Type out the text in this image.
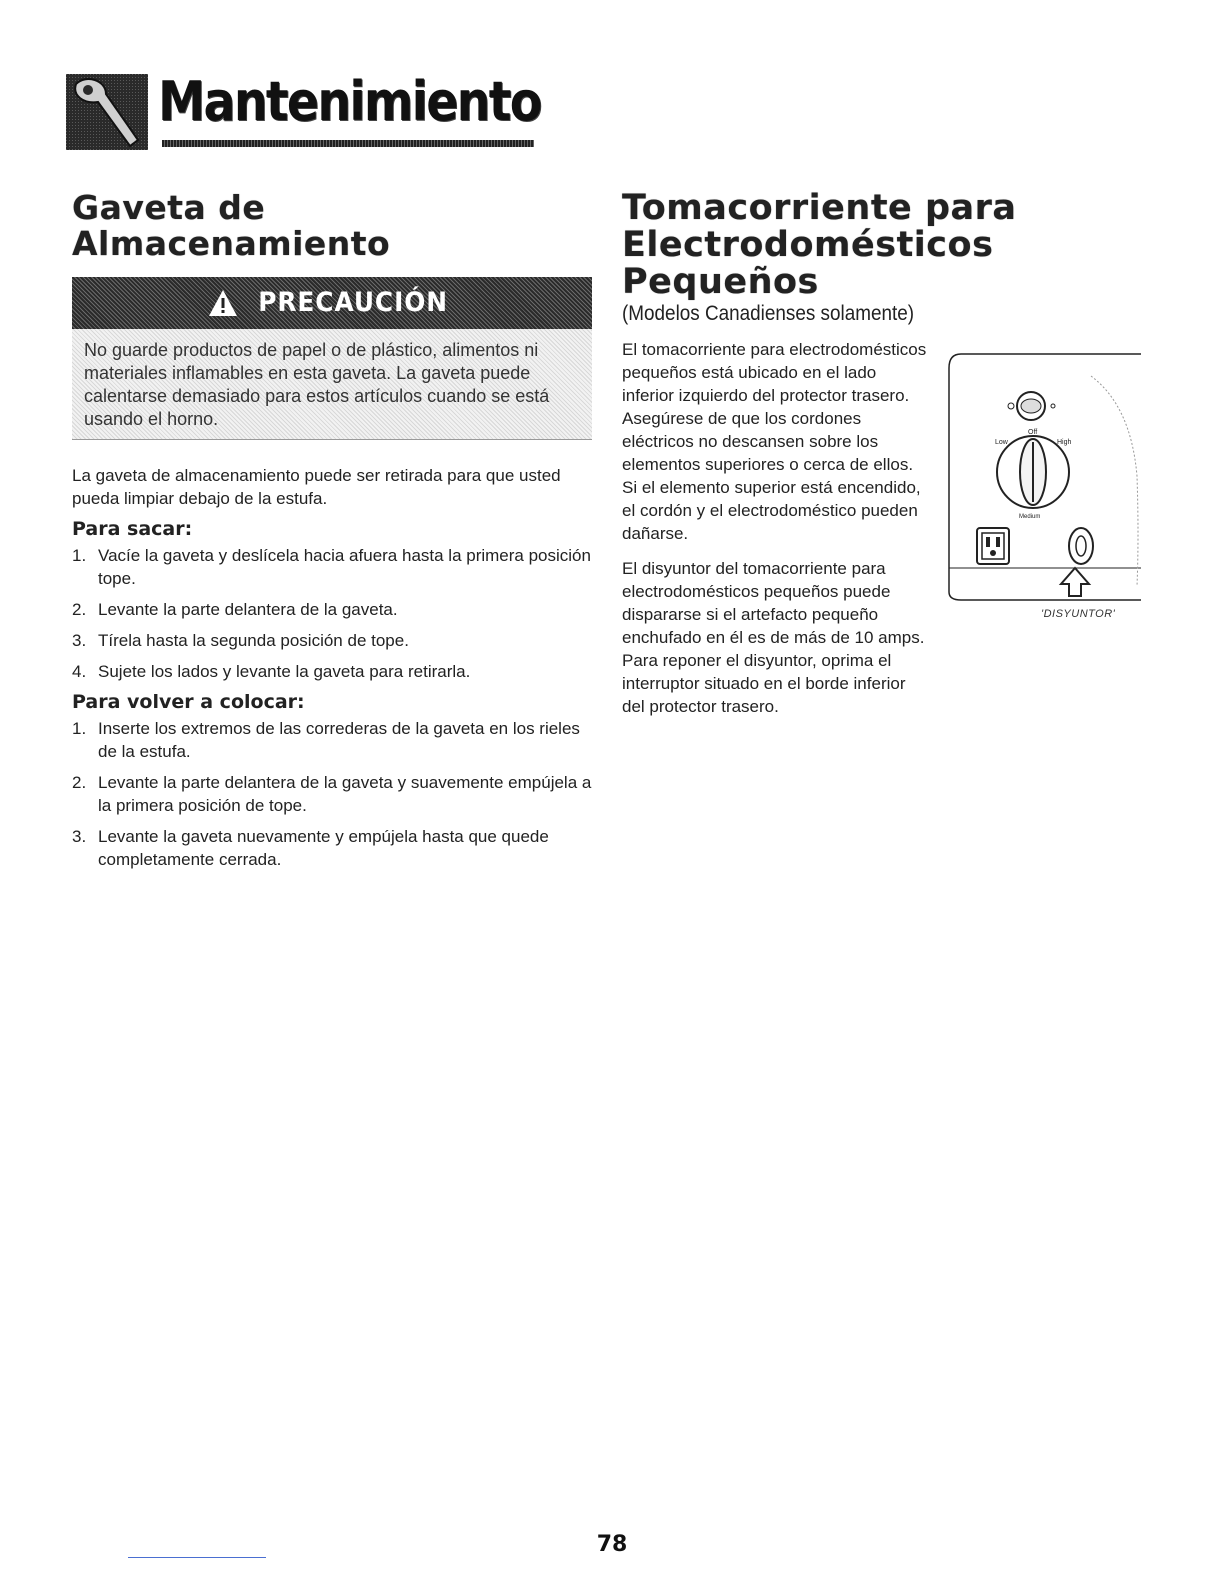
Mantenimiento
Gaveta de Almacenamiento
PRECAUCIÓN
No guarde productos de papel o de plástico, alimentos ni materiales inflamables en esta gaveta. La gaveta puede calentarse demasiado para estos artículos cuando se está usando el horno.

La gaveta de almacenamiento puede ser retirada para que usted pueda limpiar debajo de la estufa.

Para sacar:
1. Vacíe la gaveta y deslícela hacia afuera hasta la primera posición tope.
2. Levante la parte delantera de la gaveta.
3. Tírela hasta la segunda posición de tope.
4. Sujete los lados y levante la gaveta para retirarla.
Para volver a colocar:
1. Inserte los extremos de las correderas de la gaveta en los rieles de la estufa.
2. Levante la parte delantera de la gaveta y suavemente empújela a la primera posición de tope.
3. Levante la gaveta nuevamente y empújela hasta que quede completamente cerrada.
Tomacorriente para
Electrodomésticos Pequeños
(Modelos Canadienses solamente)

El tomacorriente para electrodomésticos pequeños está ubicado en el lado inferior izquierdo del protector trasero. Asegúrese de que los cordones eléctricos no descansen sobre los elementos superiores o cerca de ellos. Si el elemento superior está encendido, el cordón y el electrodoméstico pueden dañarse.

El disyuntor del tomacorriente para electrodomésticos pequeños puede dispararse si el artefacto pequeño enchufado en él es de más de 10 amps. Para reponer el disyuntor, oprima el interruptor situado en el borde inferior del protector trasero.

Off
Low	High
Medium
'DISYUNTOR'
78
